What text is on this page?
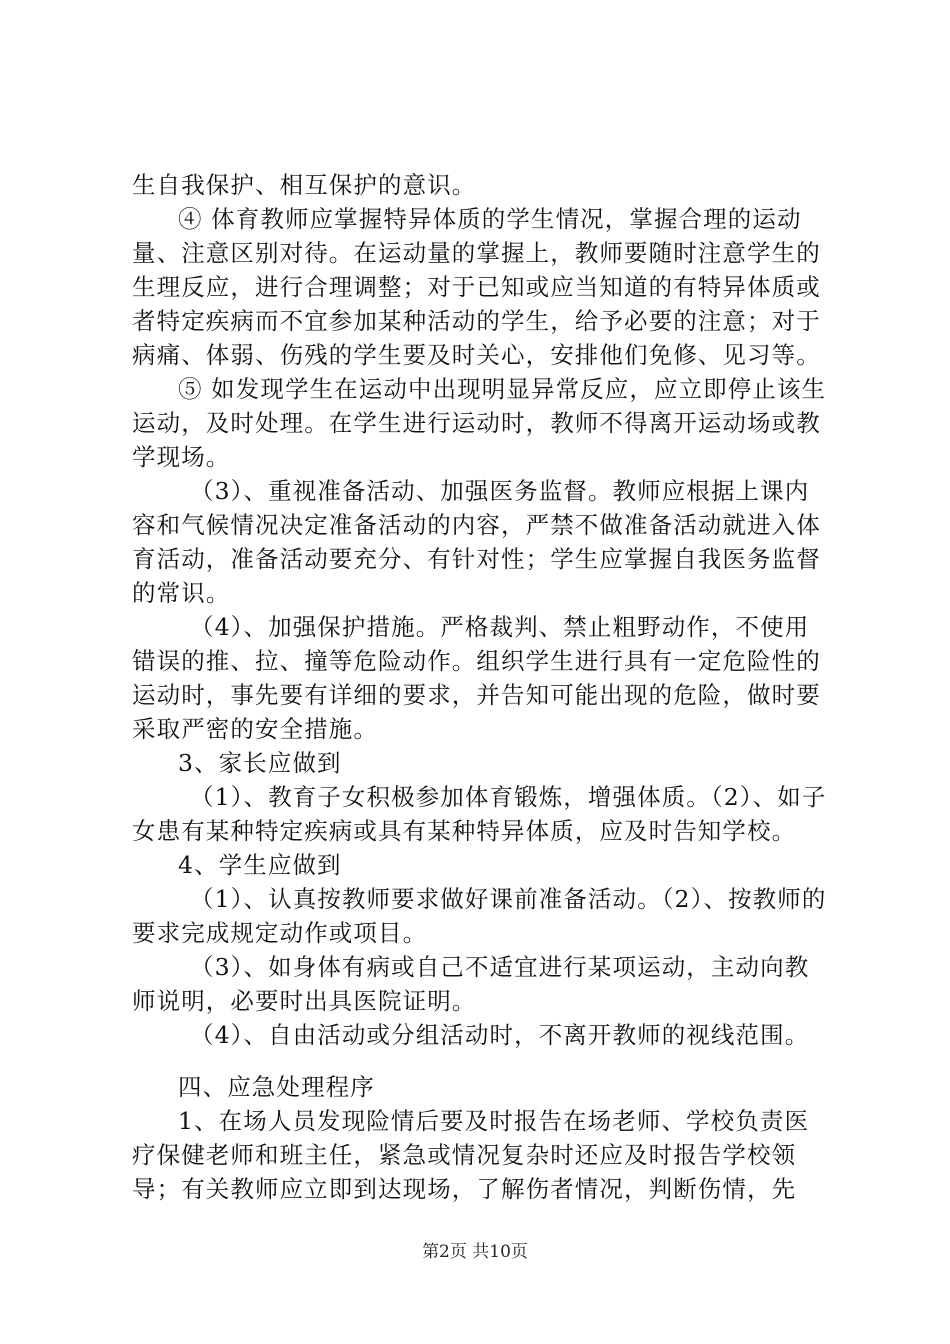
生自我保护、相互保护的意识。

④ 体育教师应掌握特异体质的学生情况，掌握合理的运动量、注意区别对待。在运动量的掌握上，教师要随时注意学生的生理反应，进行合理调整；对于已知或应当知道的有特异体质或者特定疾病而不宜参加某种活动的学生，给予必要的注意；对于病痛、体弱、伤残的学生要及时关心，安排他们免修、见习等。

⑤ 如发现学生在运动中出现明显异常反应，应立即停止该生运动，及时处理。在学生进行运动时，教师不得离开运动场或教学现场。

（3）、重视准备活动、加强医务监督。教师应根据上课内容和气候情况决定准备活动的内容，严禁不做准备活动就进入体育活动，准备活动要充分、有针对性；学生应掌握自我医务监督的常识。

（4）、加强保护措施。严格裁判、禁止粗野动作，不使用错误的推、拉、撞等危险动作。组织学生进行具有一定危险性的运动时，事先要有详细的要求，并告知可能出现的危险，做时要采取严密的安全措施。

3、家长应做到

（1）、教育子女积极参加体育锻炼，增强体质。（2）、如子女患有某种特定疾病或具有某种特异体质，应及时告知学校。

4、学生应做到

（1）、认真按教师要求做好课前准备活动。（2）、按教师的要求完成规定动作或项目。

（3）、如身体有病或自己不适宜进行某项运动，主动向教师说明，必要时出具医院证明。

（4）、自由活动或分组活动时，不离开教师的视线范围。

四、应急处理程序

1、在场人员发现险情后要及时报告在场老师、学校负责医疗保健老师和班主任，紧急或情况复杂时还应及时报告学校领导；有关教师应立即到达现场，了解伤者情况，判断伤情，先

第2页 共10页
